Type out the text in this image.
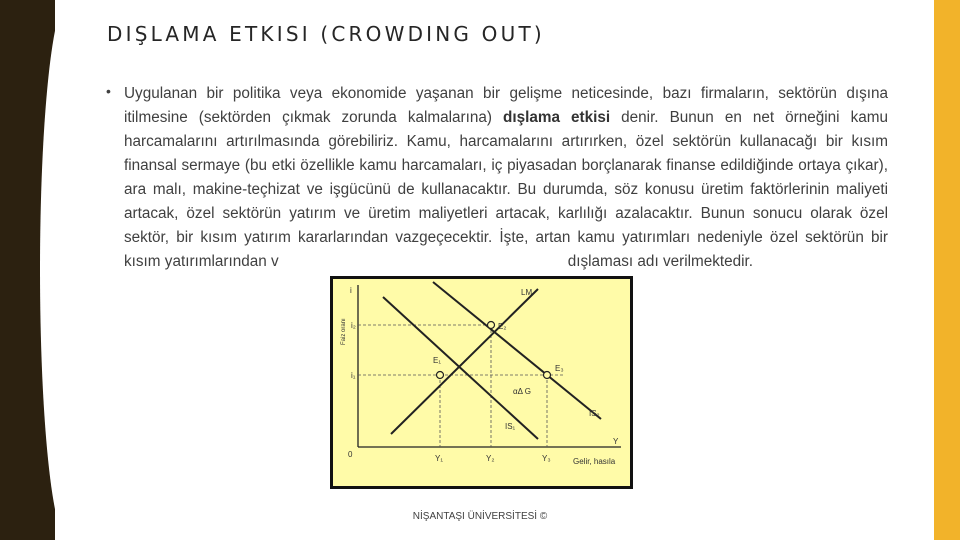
DIŞLAMA ETKISI (CROWDING OUT)
• Uygulanan bir politika veya ekonomide yaşanan bir gelişme neticesinde, bazı firmaların, sektörün dışına itilmesine (sektörden çıkmak zorunda kalmalarına) dışlama etkisi denir. Bunun en net örneğini kamu harcamalarını artırılmasında görebiliriz. Kamu, harcamalarını artırırken, özel sektörün kullanacağı bir kısım finansal sermaye (bu etki özellikle kamu harcamaları, iç piyasadan borçlanarak finanse edildiğinde ortaya çıkar), ara malı, makine-teçhizat ve işgücünü de kullanacaktır. Bu durumda, söz konusu üretim faktörlerinin maliyeti artacak, özel sektörün yatırım ve üretim maliyetleri artacak, karlılığı azalacaktır. Bunun sonucu olarak özel sektör, bir kısım yatırım kararlarından vazgeçecektir. İşte, artan kamu yatırımları nedeniyle özel sektörün bir kısım yatırımlarından v	dışlaması adı verilmektedir.
i
Faiz oranı i₂
i₁
0	Y₁	Y₂	Y₃
Y
Gelir, hasıla
LM
IS₁
IS₂
E₁
E₂
E₃
αΔ G
NİŞANTAŞI ÜNİVERSİTESİ ©
